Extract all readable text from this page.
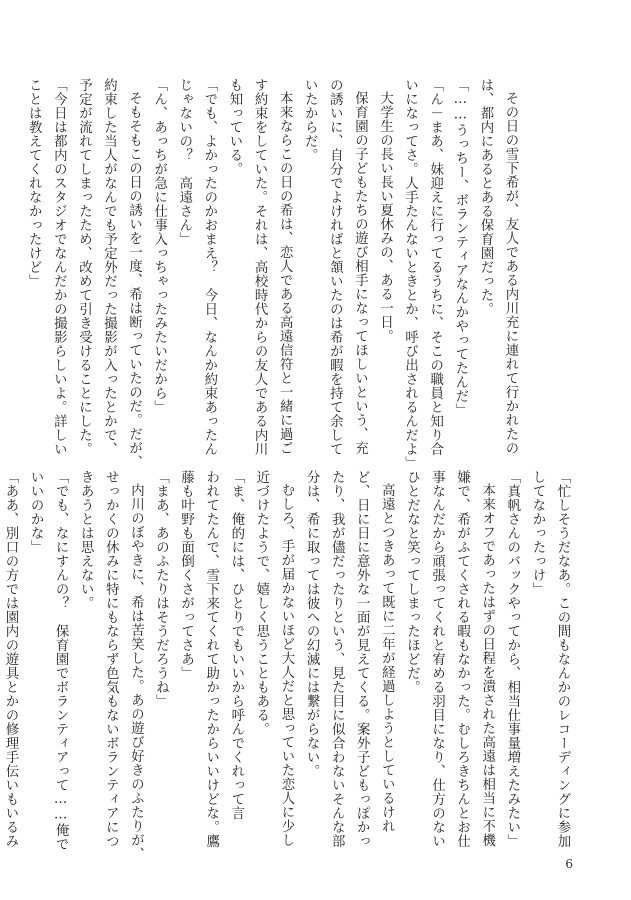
その日の雪下希が、友人である内川充に連れて行かれたの
は、都内にあるとある保育園だった。
「……うっちー、ボランティアなんかやってたんだ」
「ん－まあ、妹迎えに行ってるうちに、そこの職員と知り合
いになってさ。人手たんないときとか、呼び出されるんだよ」
大学生の長い長い夏休みの、ある一日。
保育園の子どもたちの遊び相手になってほしいという、充
の誘いに、自分でよければと頷いたのは希が暇を持て余して
いたからだ。
本来ならこの日の希は、恋人である高遠信符と一緒に過ご
す約束をしていた。それは、高校時代からの友人である内川
も知っている。
「でも、よかったのかおまえ？　今日、なんか約束あったん
じゃないの？　高遠さん」
「ん、あっちが急に仕事入っちゃったみたいだから」
そもそもこの日の誘いを一度、希は断っていたのだ。だが、
約束した当人がなんでも予定外だった撮影が入ったとかで、
予定が流れてしまったため、改めて引き受けることにした。
「今日は都内のスタジオでなんだかの撮影らしいよ。詳しい
ことは教えてくれなかったけど」
「忙しそうだなあ。この間もなんかのレコーディングに参加
してなかったっけ」
「真帆さんのバックやってから、相当仕事量増えたみたい」
本来オフであったはずの日程を潰された高遠は相当に不機
嫌で、希がふてくされる暇もなかった。むしろきちんとお仕
事なんだから頑張ってくれと宥める羽目になり、仕方のない
ひとだなと笑ってしまったほどだ。
高遠とつきあって既に二年が経過しようとしているけれ
ど、日に日に意外な一面が見えてくる。案外子どもっぽかっ
たり、我が儘だったりという、見た目に似合わないそんな部
分は、希に取っては彼への幻滅には繋がらない。
むしろ、手が届かないほど大人だと思っていた恋人に少し
近づけたようで、嬉しく思うこともある。
「ま、俺的には、ひとりでもいいから呼んでくれって言
われてたんで、雪下来てくれて助かったからいいけどな。鷹
藤も叶野も面倒くさがってさあ」
「まあ、あのふたりはそうだろうね」
内川のぼやきに、希は苦笑した。あの遊び好きのふたりが、
せっかくの休みに特にもならず色気もないボランティアにつ
きあうとは思えない。
「でも、なにすんの？　保育園でボランティアって……俺で
いいのかな」
「ああ、別口の方では園内の遊具とかの修理手伝いもいるみ
6
